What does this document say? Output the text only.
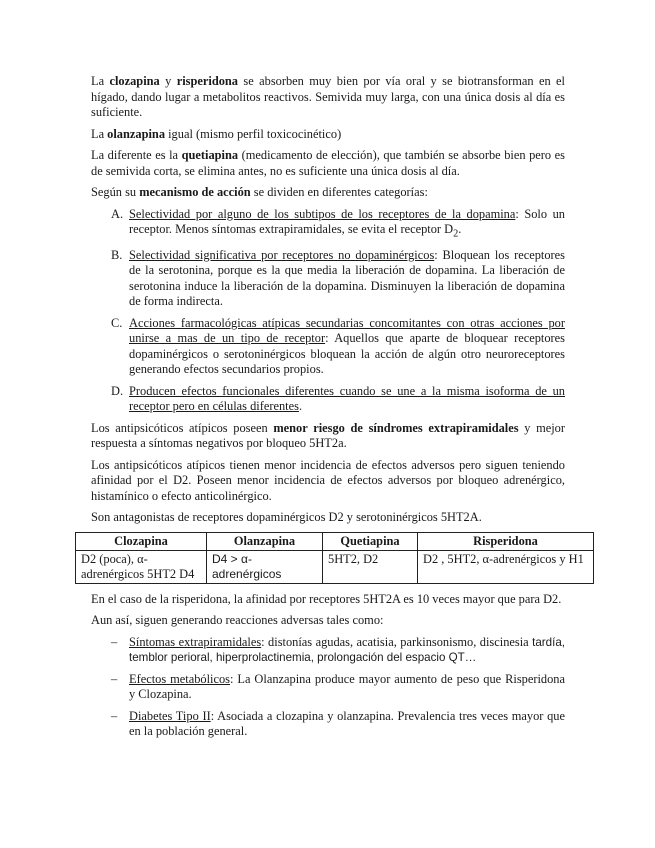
La clozapina y risperidona se absorben muy bien por vía oral y se biotransforman en el hígado, dando lugar a metabolitos reactivos. Semivida muy larga, con una única dosis al día es suficiente.

La olanzapina igual (mismo perfil toxicocinético)

La diferente es la quetiapina (medicamento de elección), que también se absorbe bien pero es de semivida corta, se elimina antes, no es suficiente una única dosis al día.

Según su mecanismo de acción se dividen en diferentes categorías:

A. Selectividad por alguno de los subtipos de los receptores de la dopamina: Solo un receptor. Menos síntomas extrapiramidales, se evita el receptor $D_2$.
B. Selectividad significativa por receptores no dopaminérgicos: Bloquean los receptores de la serotonina, porque es la que media la liberación de dopamina. La liberación de serotonina induce la liberación de la dopamina. Disminuyen la liberación de dopamina de forma indirecta.
C. Acciones farmacológicas atípicas secundarias concomitantes con otras acciones por unirse a mas de un tipo de receptor: Aquellos que aparte de bloquear receptores dopaminérgicos o serotoninérgicos bloquean la acción de algún otro neuroreceptores generando efectos secundarios propios.
D. Producen efectos funcionales diferentes cuando se une a la misma isoforma de un receptor pero en células diferentes.

Los antipsicóticos atípicos poseen menor riesgo de síndromes extrapiramidales y mejor respuesta a síntomas negativos por bloqueo 5HT2a.

Los antipsicóticos atípicos tienen menor incidencia de efectos adversos pero siguen teniendo afinidad por el D2. Poseen menor incidencia de efectos adversos por bloqueo adrenérgico, histamínico o efecto anticolinérgico.

Son antagonistas de receptores dopaminérgicos D2 y serotoninérgicos 5HT2A.

Clozapina	Olanzapina	Quetiapina	Risperidona
D2 (poca), α-adrenérgicos 5HT2 D4	D4 > α-adrenérgicos	5HT2, D2	D2 , 5HT2, α-adrenérgicos y H1

En el caso de la risperidona, la afinidad por receptores 5HT2A es 10 veces mayor que para D2.

Aun así, siguen generando reacciones adversas tales como:

– Síntomas extrapiramidales: distonías agudas, acatisia, parkinsonismo, discinesia tardía, temblor perioral, hiperprolactinemia, prolongación del espacio QT…
– Efectos metabólicos: La Olanzapina produce mayor aumento de peso que Risperidona y Clozapina.
– Diabetes Tipo II: Asociada a clozapina y olanzapina. Prevalencia tres veces mayor que en la población general.
